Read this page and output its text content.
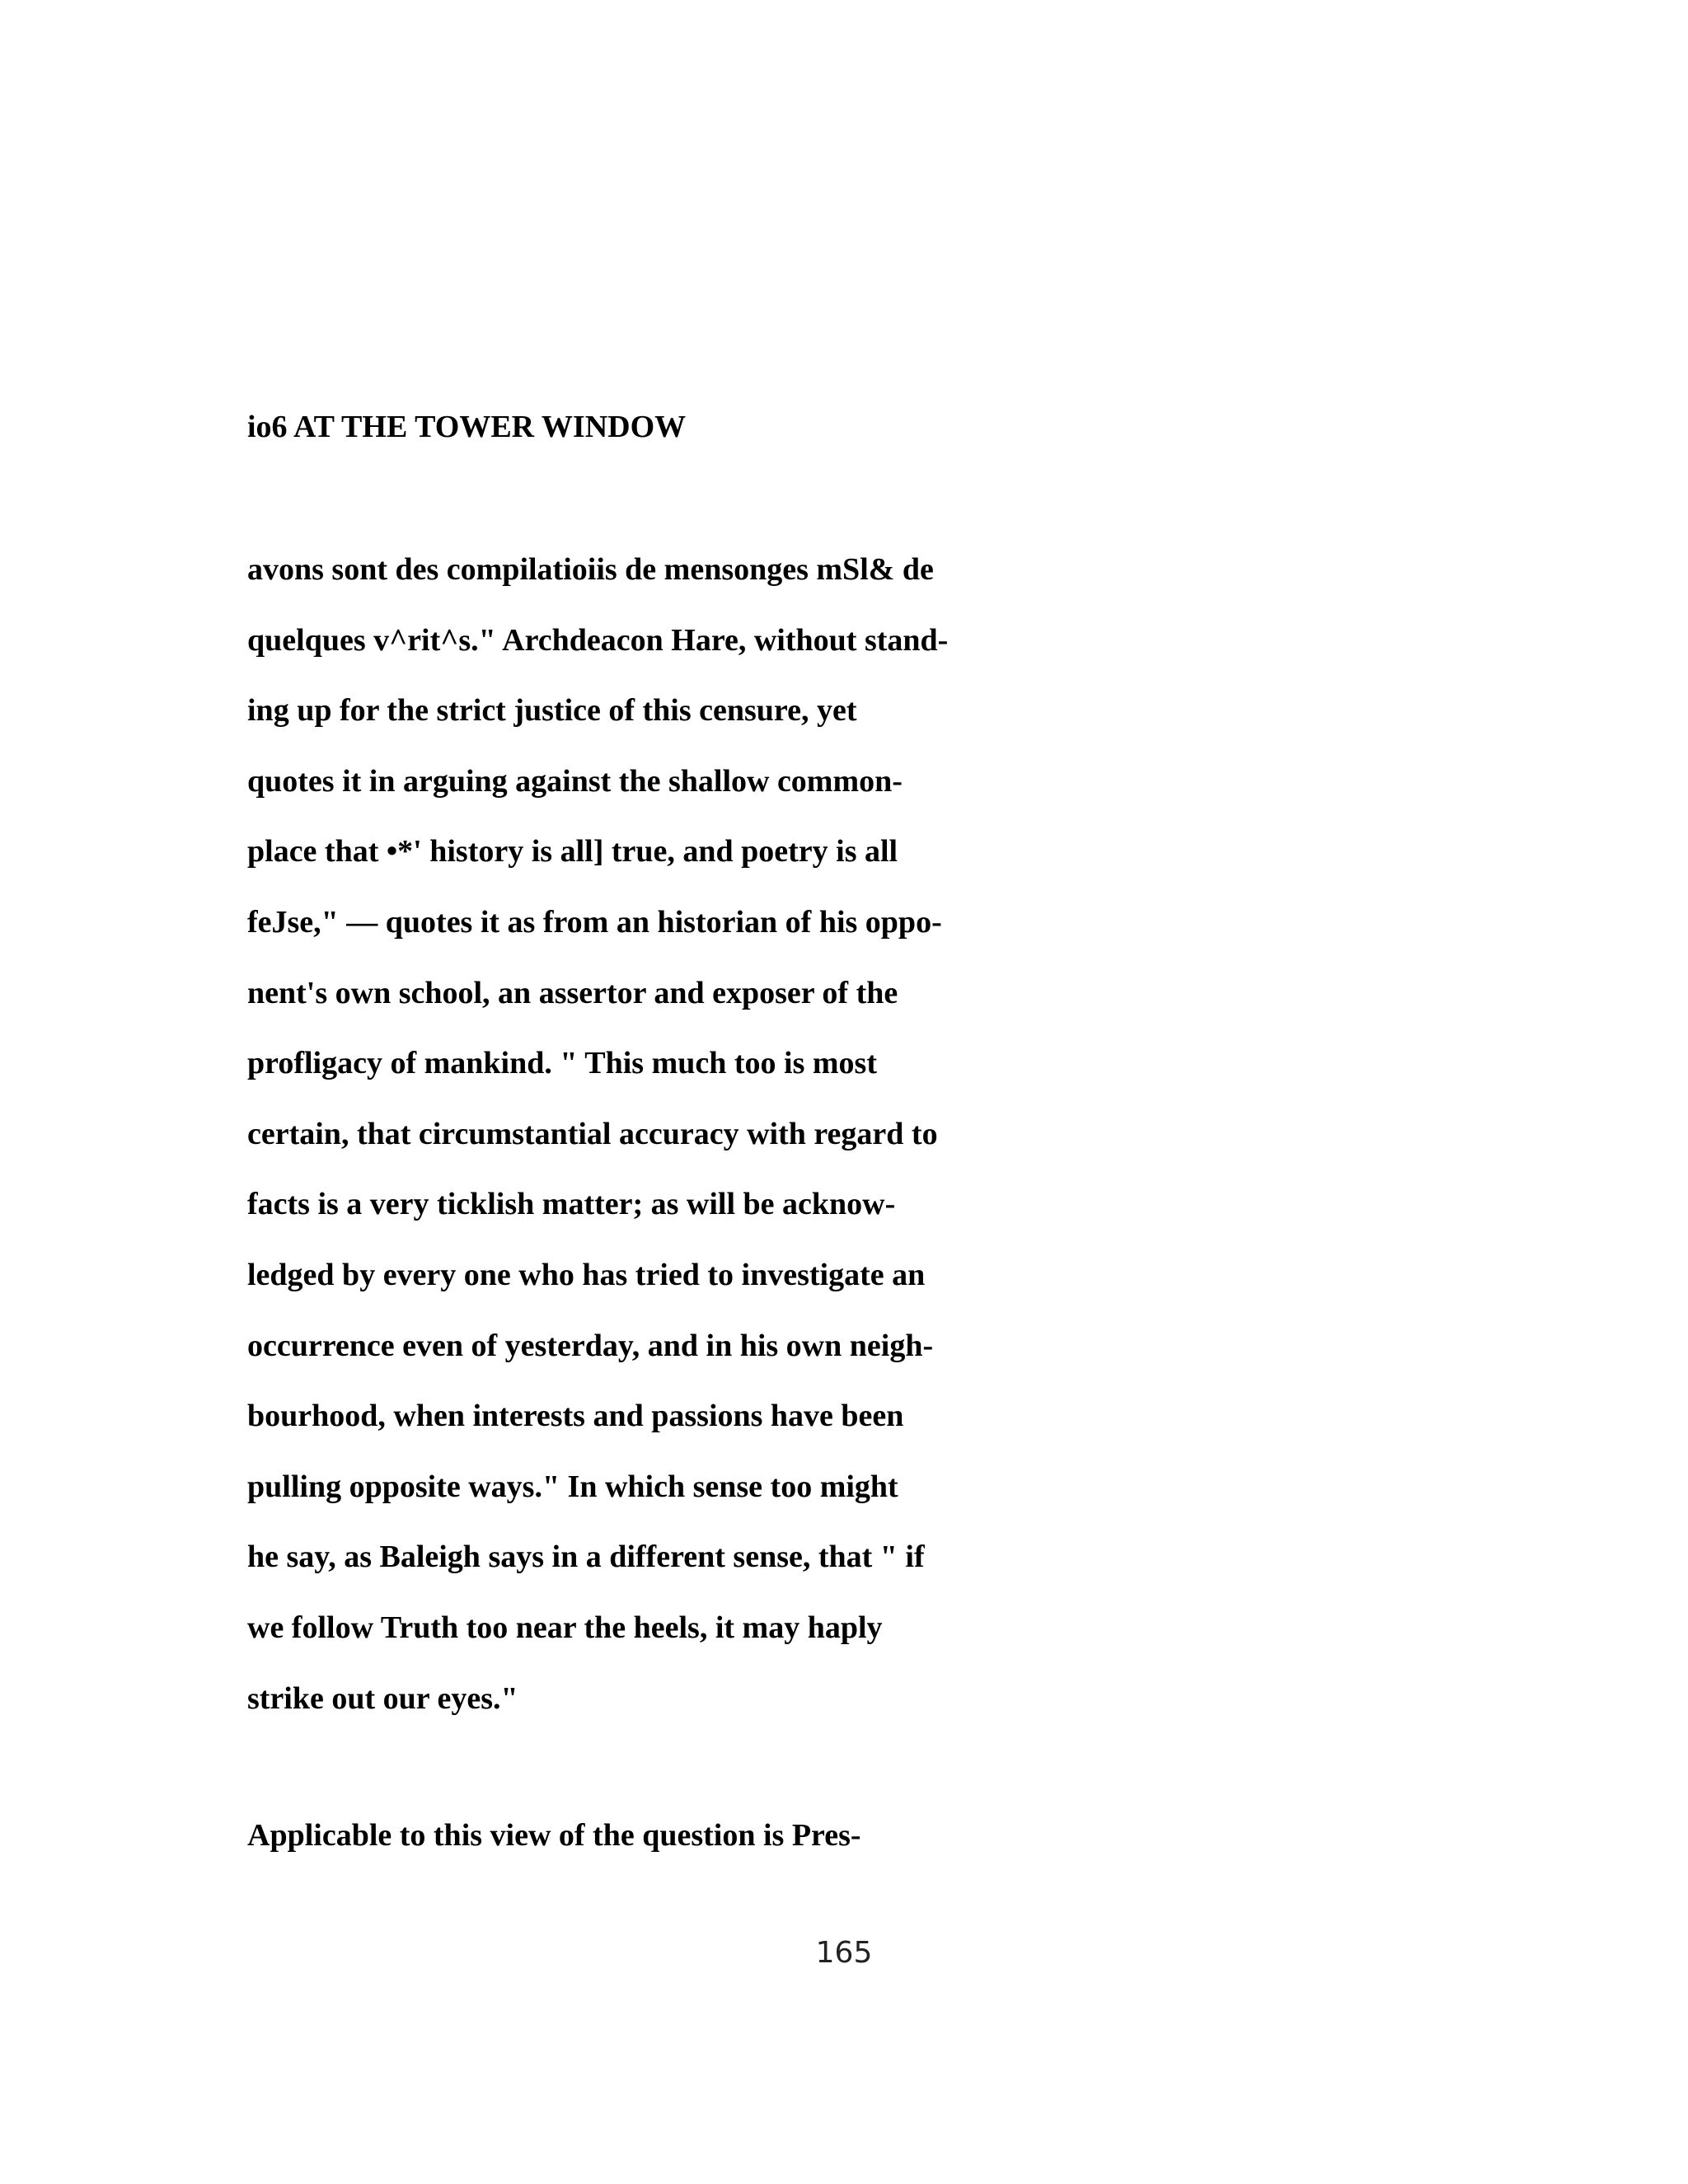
io6 AT THE TOWER WINDOW
avons sont des compilatioiis de mensonges mSl& de
quelques v^rit^s." Archdeacon Hare, without stand-
ing up for the strict justice of this censure, yet
quotes it in arguing against the shallow common-
place that •*' history is all] true, and poetry is all
feJse," — quotes it as from an historian of his oppo-
nent's own school, an assertor and exposer of the
profligacy of mankind. " This much too is most
certain, that circumstantial accuracy with regard to
facts is a very ticklish matter; as will be acknow-
ledged by every one who has tried to investigate an
occurrence even of yesterday, and in his own neigh-
bourhood, when interests and passions have been
pulling opposite ways." In which sense too might
he say, as Baleigh says in a different sense, that " if
we follow Truth too near the heels, it may haply
strike out our eyes."
Applicable to this view of the question is Pres-
165
